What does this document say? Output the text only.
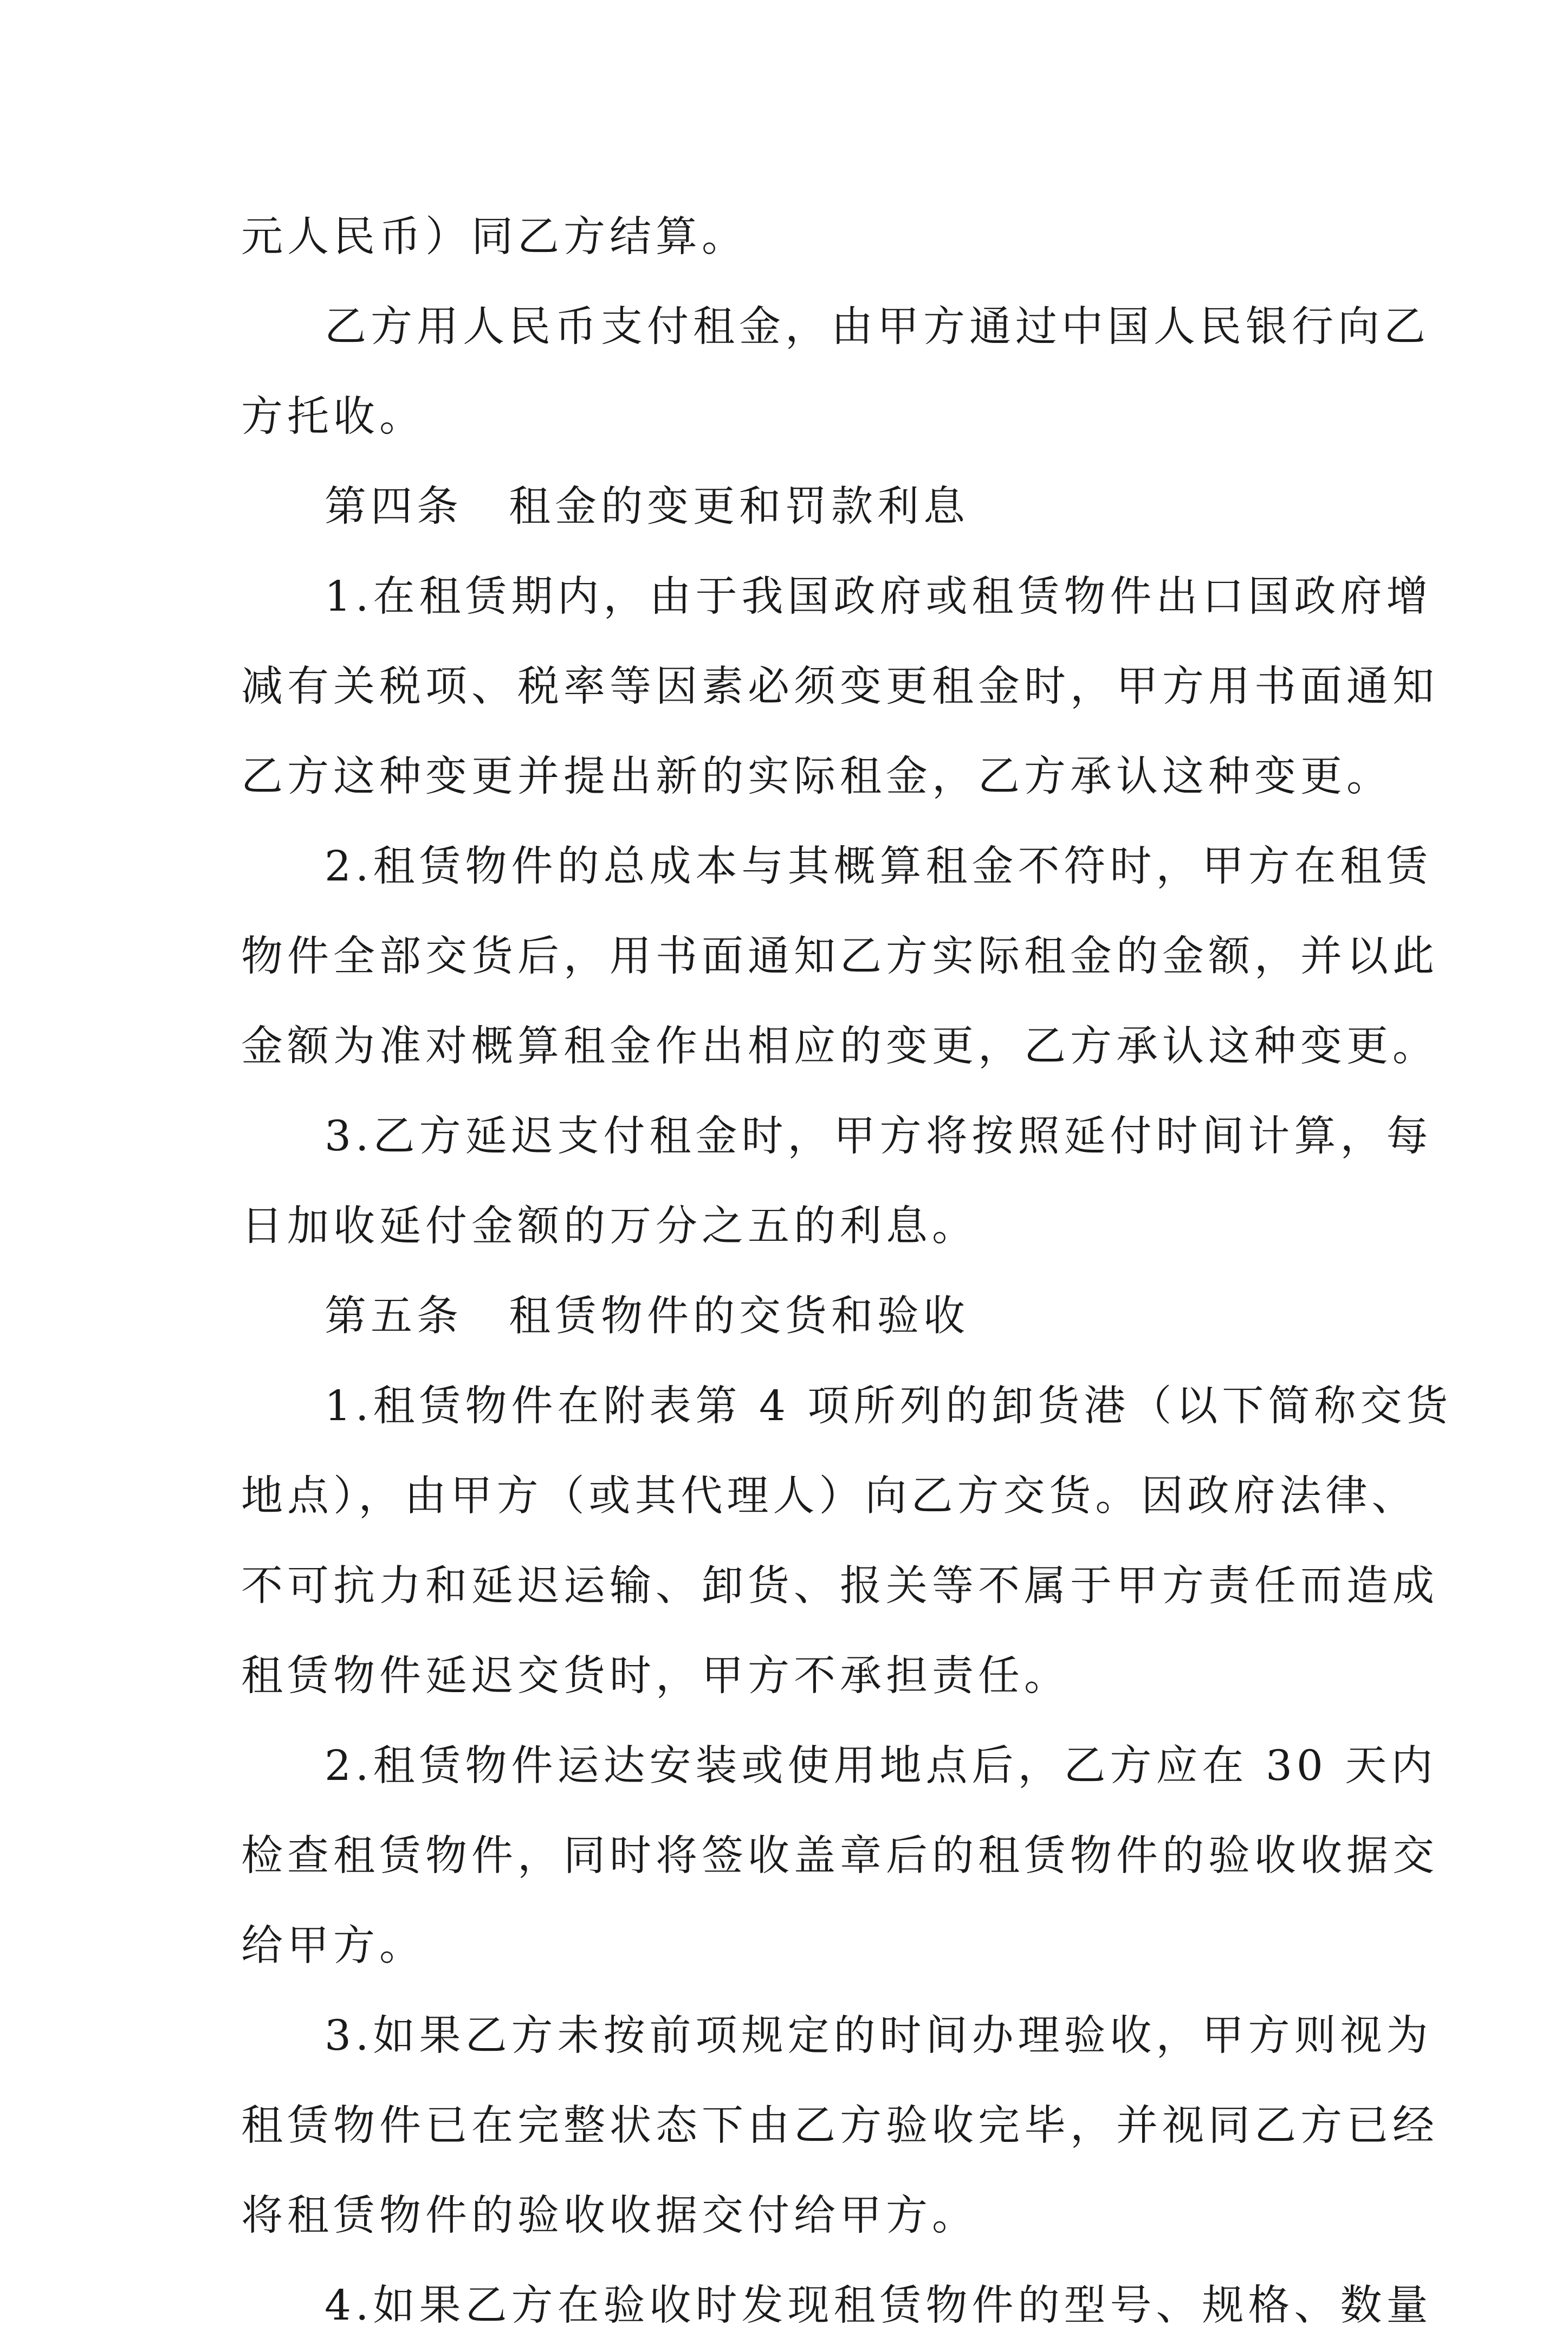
元人民币）同乙方结算。
乙方用人民币支付租金，由甲方通过中国人民银行向乙
方托收。
第四条　租金的变更和罚款利息
1.在租赁期内，由于我国政府或租赁物件出口国政府增
减有关税项、税率等因素必须变更租金时，甲方用书面通知
乙方这种变更并提出新的实际租金，乙方承认这种变更。
2.租赁物件的总成本与其概算租金不符时，甲方在租赁
物件全部交货后，用书面通知乙方实际租金的金额，并以此
金额为准对概算租金作出相应的变更，乙方承认这种变更。
3.乙方延迟支付租金时，甲方将按照延付时间计算，每
日加收延付金额的万分之五的利息。
第五条　租赁物件的交货和验收
1.租赁物件在附表第 4 项所列的卸货港（以下简称交货
地点），由甲方（或其代理人）向乙方交货。因政府法律、
不可抗力和延迟运输、卸货、报关等不属于甲方责任而造成
租赁物件延迟交货时，甲方不承担责任。
2.租赁物件运达安装或使用地点后，乙方应在 30 天内
检查租赁物件，同时将签收盖章后的租赁物件的验收收据交
给甲方。
3.如果乙方未按前项规定的时间办理验收，甲方则视为
租赁物件已在完整状态下由乙方验收完毕，并视同乙方已经
将租赁物件的验收收据交付给甲方。
4.如果乙方在验收时发现租赁物件的型号、规格、数量
